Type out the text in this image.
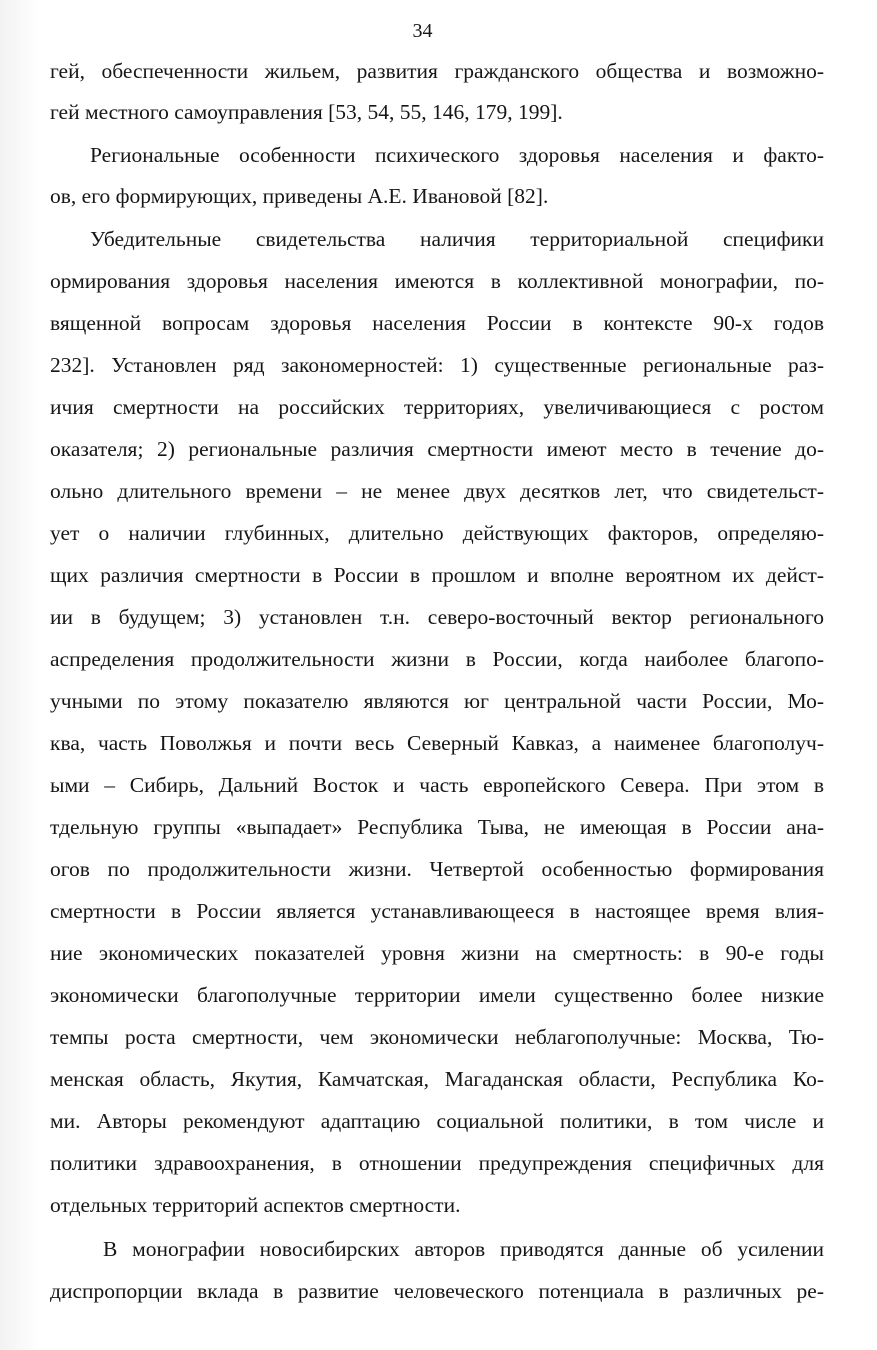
34
гей, обеспеченности жильем, развития гражданского общества и возможно-
гей местного самоуправления [53, 54, 55, 146, 179, 199].
Региональные особенности психического здоровья населения и факто-
ов, его формирующих, приведены А.Е. Ивановой [82].
Убедительные свидетельства наличия территориальной специфики
ормирования здоровья населения имеются в коллективной монографии, по-
вященной вопросам здоровья населения России в контексте 90-х годов
232]. Установлен ряд закономерностей: 1) существенные региональные раз-
ичия смертности на российских территориях, увеличивающиеся с ростом
оказателя; 2) региональные различия смертности имеют место в течение до-
ольно длительного времени – не менее двух десятков лет, что свидетельст-
ует о наличии глубинных, длительно действующих факторов, определяю-
щих различия смертности в России в прошлом и вполне вероятном их дейст-
ии в будущем; 3) установлен т.н. северо-восточный вектор регионального
аспределения продолжительности жизни в России, когда наиболее благопо-
учными по этому показателю являются юг центральной части России, Мо-
ква, часть Поволжья и почти весь Северный Кавказ, а наименее благополуч-
ыми – Сибирь, Дальний Восток и часть европейского Севера. При этом в
тдельную группы «выпадает» Республика Тыва, не имеющая в России ана-
огов по продолжительности жизни. Четвертой особенностью формирования
смертности в России является устанавливающееся в настоящее время влия-
ние экономических показателей уровня жизни на смертность: в 90-е годы
экономически благополучные территории имели существенно более низкие
темпы роста смертности, чем экономически неблагополучные: Москва, Тю-
менская область, Якутия, Камчатская, Магаданская области, Республика Ко-
ми. Авторы рекомендуют адаптацию социальной политики, в том числе и
политики здравоохранения, в отношении предупреждения специфичных для
отдельных территорий аспектов смертности.
В монографии новосибирских авторов приводятся данные об усилении
диспропорции вклада в развитие человеческого потенциала в различных ре-
